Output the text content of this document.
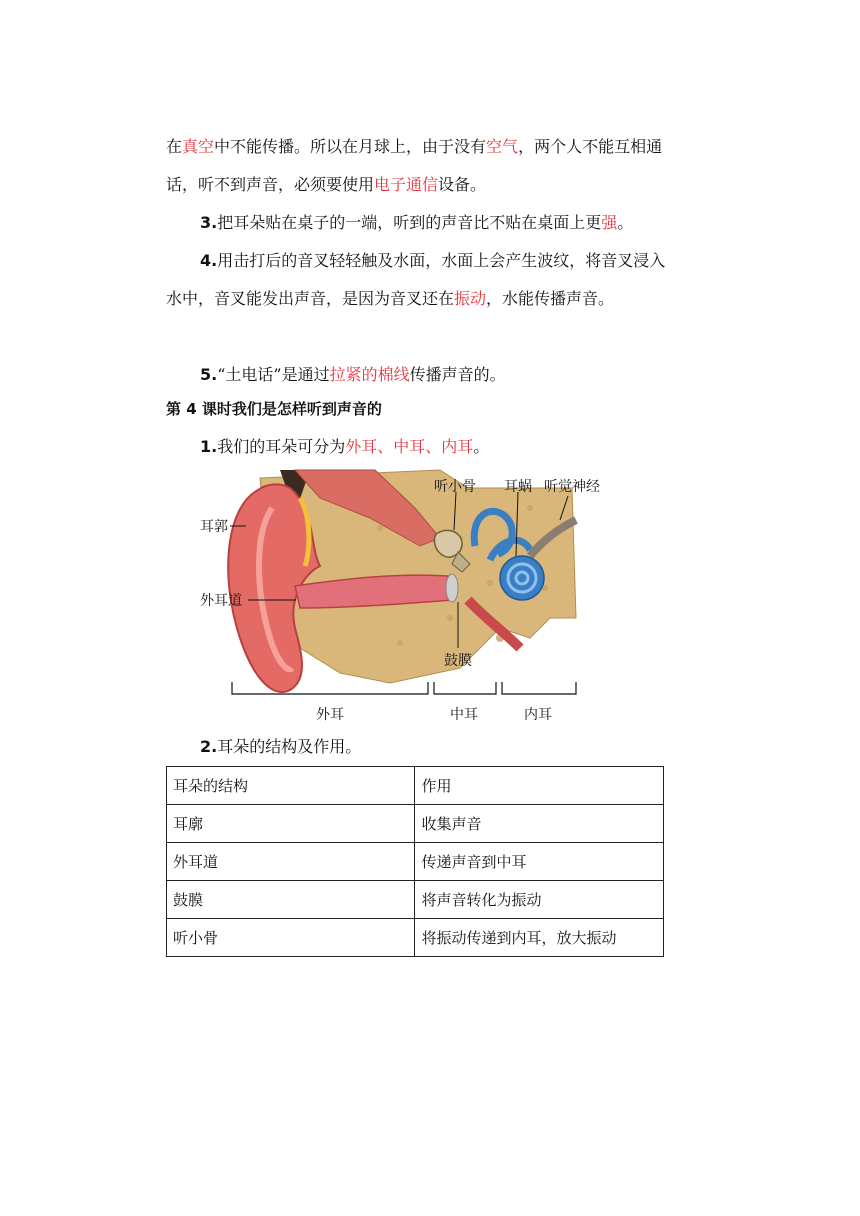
在真空中不能传播。所以在月球上，由于没有空气，两个人不能互相通话，听不到声音，必须要使用电子通信设备。

3.把耳朵贴在桌子的一端，听到的声音比不贴在桌面上更强。

4.用击打后的音叉轻轻触及水面，水面上会产生波纹，将音叉浸入水中，音叉能发出声音，是因为音叉还在振动，水能传播声音。

5.“土电话”是通过拉紧的棉线传播声音的。

第 4 课时我们是怎样听到声音的

1.我们的耳朵可分为外耳、中耳、内耳。

耳郭
外耳道
听小骨 耳蜗 听觉神经
鼓膜
外耳	中耳	内耳

2.耳朵的结构及作用。

耳朵的结构	作用
耳廓	收集声音
外耳道	传递声音到中耳
鼓膜	将声音转化为振动
听小骨	将振动传递到内耳，放大振动
